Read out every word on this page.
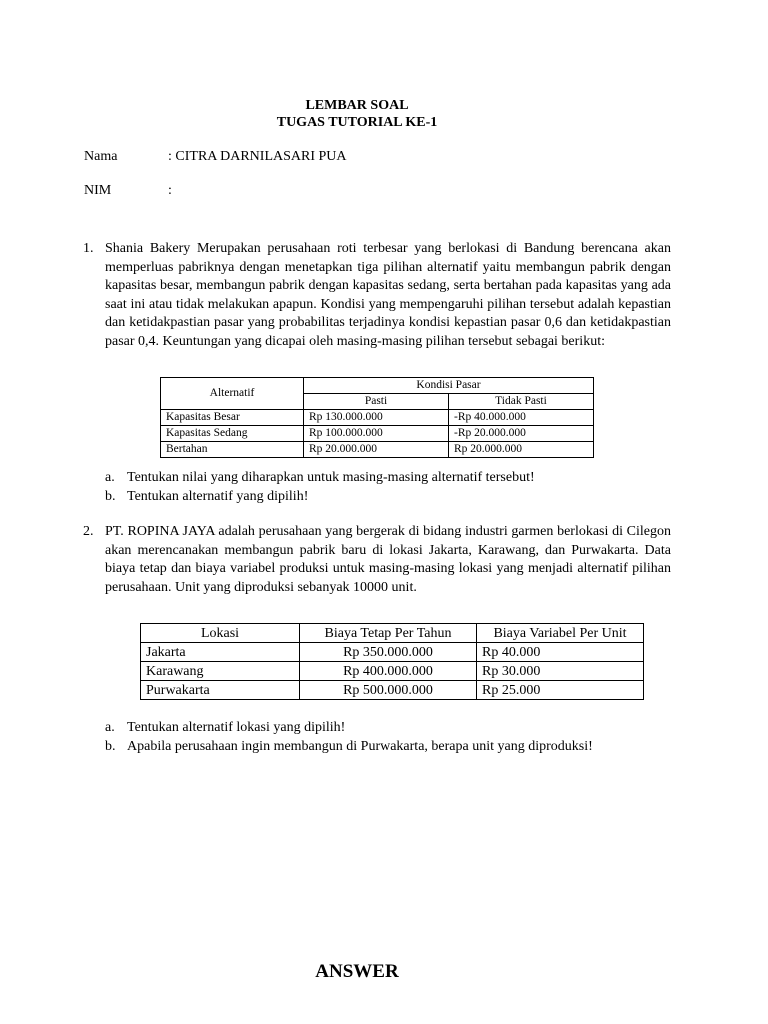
LEMBAR SOAL
TUGAS TUTORIAL KE-1
Nama	: CITRA DARNILASARI PUA
NIM	:
1. Shania Bakery Merupakan perusahaan roti terbesar yang berlokasi di Bandung berencana akan memperluas pabriknya dengan menetapkan tiga pilihan alternatif yaitu membangun pabrik dengan kapasitas besar, membangun pabrik dengan kapasitas sedang, serta bertahan pada kapasitas yang ada saat ini atau tidak melakukan apapun. Kondisi yang mempengaruhi pilihan tersebut adalah kepastian dan ketidakpastian pasar yang probabilitas terjadinya kondisi kepastian pasar 0,6 dan ketidakpastian pasar 0,4. Keuntungan yang dicapai oleh masing-masing pilihan tersebut sebagai berikut:
Alternatif	Kondisi Pasar	
	Pasti	Tidak Pasti
Kapasitas Besar	Rp 130.000.000	-Rp 40.000.000
Kapasitas Sedang	Rp 100.000.000	-Rp 20.000.000
Bertahan	Rp 20.000.000	Rp 20.000.000
a. Tentukan nilai yang diharapkan untuk masing-masing alternatif tersebut!
b. Tentukan alternatif yang dipilih!
2. PT. ROPINA JAYA adalah perusahaan yang bergerak di bidang industri garmen berlokasi di Cilegon akan merencanakan membangun pabrik baru di lokasi Jakarta, Karawang, dan Purwakarta. Data biaya tetap dan biaya variabel produksi untuk masing-masing lokasi yang menjadi alternatif pilihan perusahaan. Unit yang diproduksi sebanyak 10000 unit.
Lokasi	Biaya Tetap Per Tahun	Biaya Variabel Per Unit
Jakarta	Rp 350.000.000	Rp 40.000
Karawang	Rp 400.000.000	Rp 30.000
Purwakarta	Rp 500.000.000	Rp 25.000
a. Tentukan alternatif lokasi yang dipilih!
b. Apabila perusahaan ingin membangun di Purwakarta, berapa unit yang diproduksi!
ANSWER
